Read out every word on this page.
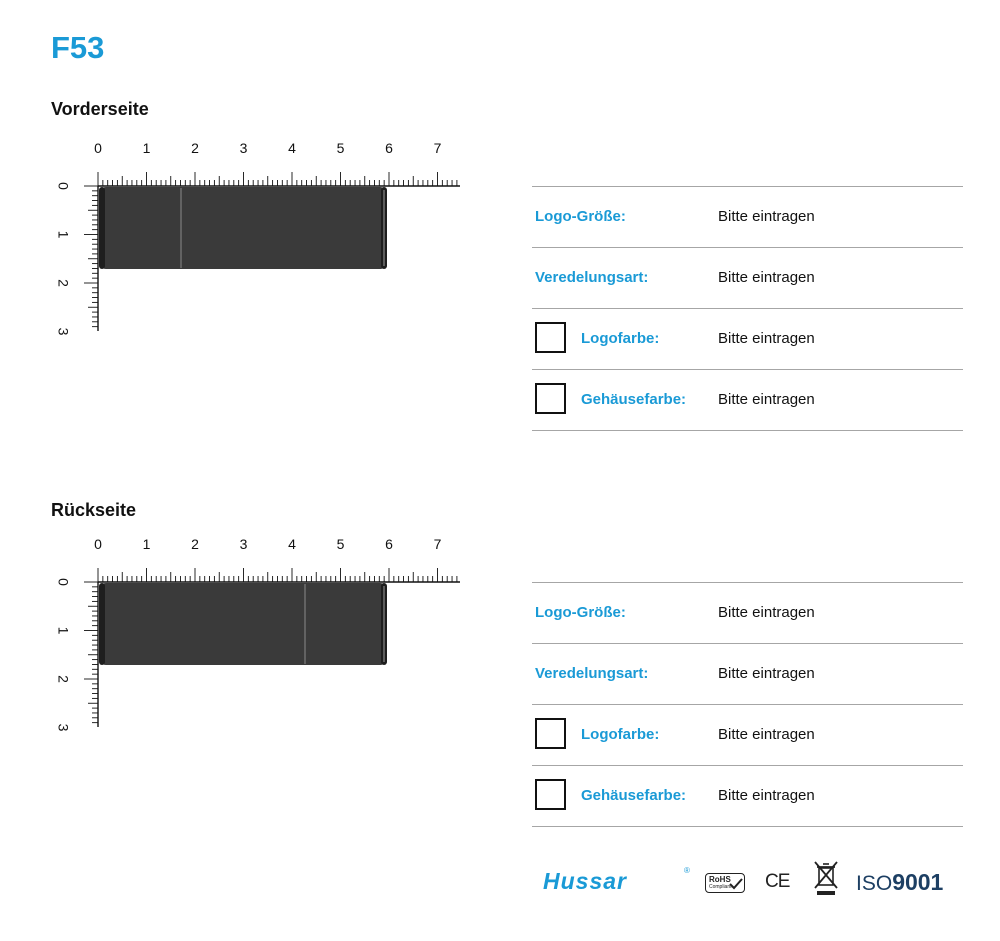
F53
Vorderseite
0	1	2	3	4	5	6	7
0
1
2
3
Logo-Größe:	Bitte eintragen
Veredelungsart:	Bitte eintragen
Logofarbe:	Bitte eintragen
Gehäusefarbe: Bitte eintragen
Rückseite
0	1	2	3	4	5	6	7
0
1
2
3
Logo-Größe:	Bitte eintragen
Veredelungsart:	Bitte eintragen
Logofarbe:	Bitte eintragen
Gehäusefarbe: Bitte eintragen
Hussar	®
RoHS
Compliant CE	ISO9001
